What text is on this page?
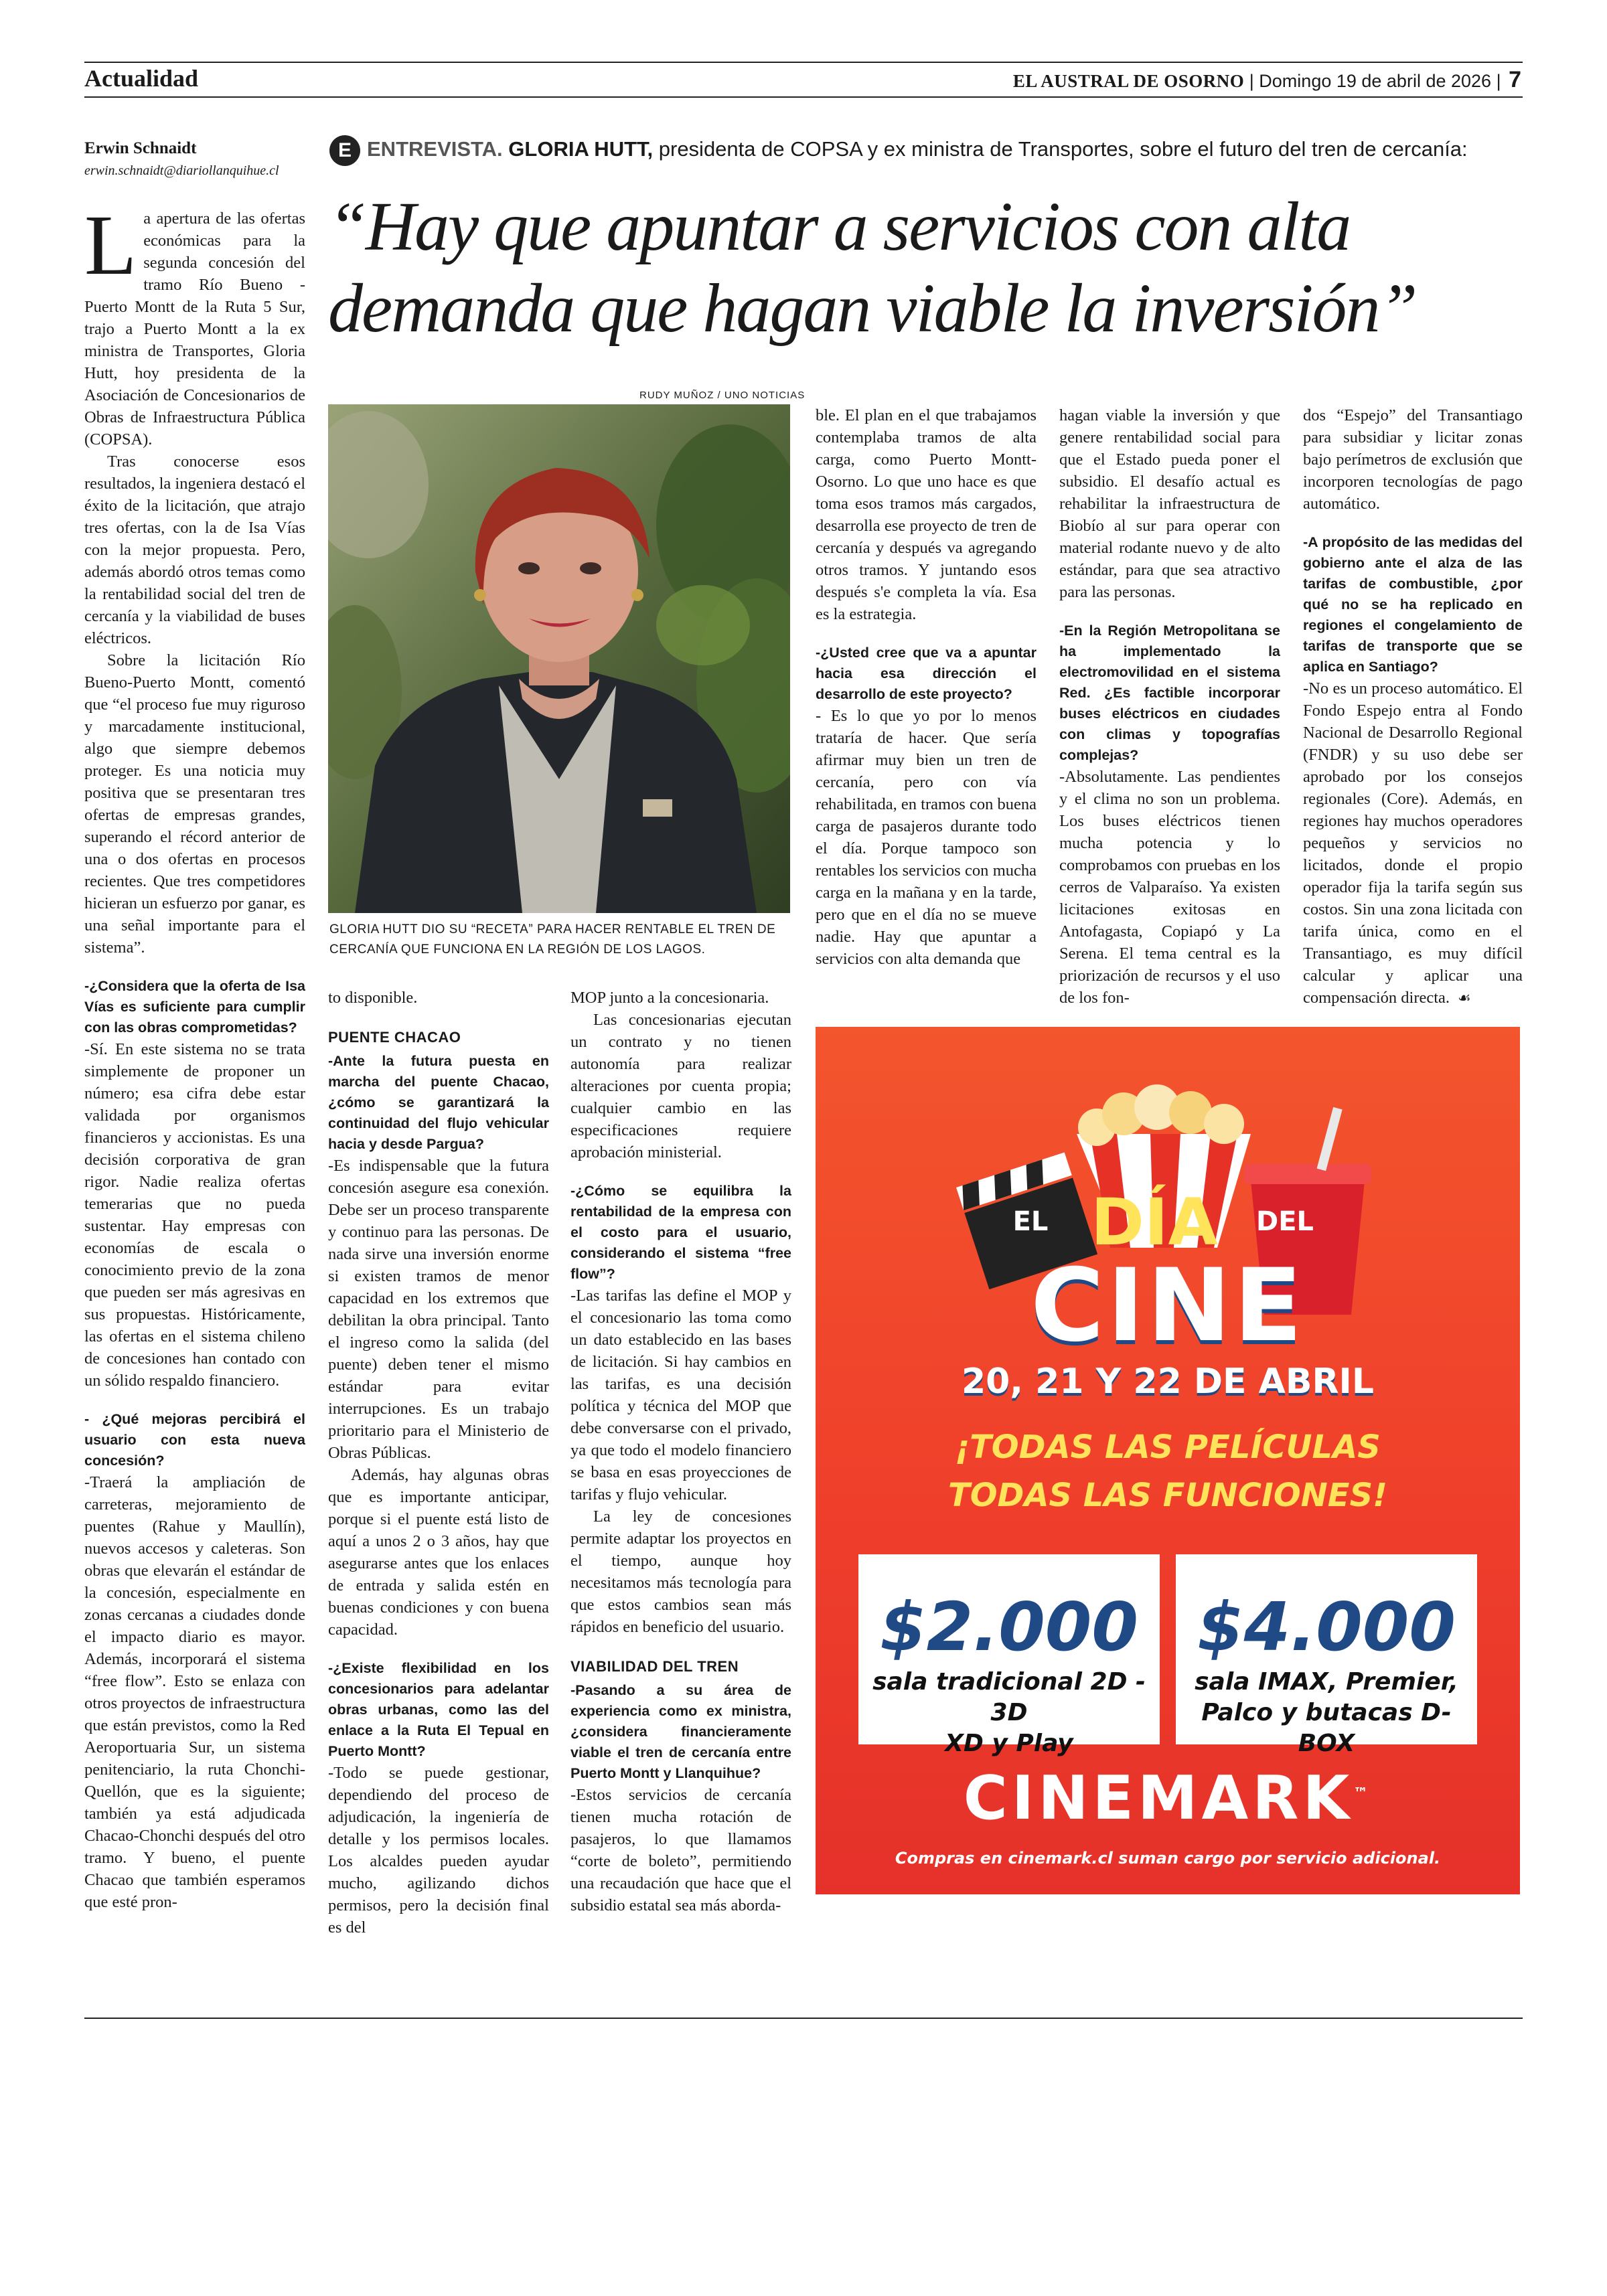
Actualidad	EL AUSTRAL DE OSORNO | Domingo 19 de abril de 2026 | 7
Erwin Schnaidt
erwin.schnaidt@diariollanquihue.cl
E ENTREVISTA. GLORIA HUTT, presidenta de COPSA y ex ministra de Transportes, sobre el futuro del tren de cercanía:
“Hay que apuntar a servicios con alta demanda que hagan viable la inversión”
RUDY MUÑOZ / UNO NOTICIAS
GLORIA HUTT DIO SU “RECETA” PARA HACER RENTABLE EL TREN DE CERCANÍA QUE FUNCIONA EN LA REGIÓN DE LOS LAGOS.

La apertura de las ofertas económicas para la segunda concesión del tramo Río Bueno - Puerto Montt de la Ruta 5 Sur, trajo a Puerto Montt a la ex ministra de Transportes, Gloria Hutt, hoy presidenta de la Asociación de Concesionarios de Obras de Infraestructura Pública (COPSA).

Tras conocerse esos resultados, la ingeniera destacó el éxito de la licitación, que atrajo tres ofertas, con la de Isa Vías con la mejor propuesta. Pero, además abordó otros temas como la rentabilidad social del tren de cercanía y la viabilidad de buses eléctricos.

Sobre la licitación Río Bueno-Puerto Montt, comentó que “el proceso fue muy riguroso y marcadamente institucional, algo que siempre debemos proteger. Es una noticia muy positiva que se presentaran tres ofertas de empresas grandes, superando el récord anterior de una o dos ofertas en procesos recientes. Que tres competidores hicieran un esfuerzo por ganar, es una señal importante para el sistema”.

-¿Considera que la oferta de Isa Vías es suficiente para cumplir con las obras comprometidas?

-Sí. En este sistema no se trata simplemente de proponer un número; esa cifra debe estar validada por organismos financieros y accionistas. Es una decisión corporativa de gran rigor. Nadie realiza ofertas temerarias que no pueda sustentar. Hay empresas con economías de escala o conocimiento previo de la zona que pueden ser más agresivas en sus propuestas. Históricamente, las ofertas en el sistema chileno de concesiones han contado con un sólido respaldo financiero.

- ¿Qué mejoras percibirá el usuario con esta nueva concesión?

-Traerá la ampliación de carreteras, mejoramiento de puentes (Rahue y Maullín), nuevos accesos y caleteras. Son obras que elevarán el estándar de la concesión, especialmente en zonas cercanas a ciudades donde el impacto diario es mayor. Además, incorporará el sistema “free flow”. Esto se enlaza con otros proyectos de infraestructura que están previstos, como la Red Aeroportuaria Sur, un sistema penitenciario, la ruta Chonchi-Quellón, que es la siguiente; también ya está adjudicada Chacao-Chonchi después del otro tramo. Y bueno, el puente Chacao que también esperamos que esté pron-

to disponible.

PUENTE CHACAO

-Ante la futura puesta en marcha del puente Chacao, ¿cómo se garantizará la continuidad del flujo vehicular hacia y desde Pargua?

-Es indispensable que la futura concesión asegure esa conexión. Debe ser un proceso transparente y continuo para las personas. De nada sirve una inversión enorme si existen tramos de menor capacidad en los extremos que debilitan la obra principal. Tanto el ingreso como la salida (del puente) deben tener el mismo estándar para evitar interrupciones. Es un trabajo prioritario para el Ministerio de Obras Públicas.

Además, hay algunas obras que es importante anticipar, porque si el puente está listo de aquí a unos 2 o 3 años, hay que asegurarse antes que los enlaces de entrada y salida estén en buenas condiciones y con buena capacidad.

-¿Existe flexibilidad en los concesionarios para adelantar obras urbanas, como las del enlace a la Ruta El Tepual en Puerto Montt?

-Todo se puede gestionar, dependiendo del proceso de adjudicación, la ingeniería de detalle y los permisos locales. Los alcaldes pueden ayudar mucho, agilizando dichos permisos, pero la decisión final es del

MOP junto a la concesionaria.

Las concesionarias ejecutan un contrato y no tienen autonomía para realizar alteraciones por cuenta propia; cualquier cambio en las especificaciones requiere aprobación ministerial.

-¿Cómo se equilibra la rentabilidad de la empresa con el costo para el usuario, considerando el sistema “free flow”?

-Las tarifas las define el MOP y el concesionario las toma como un dato establecido en las bases de licitación. Si hay cambios en las tarifas, es una decisión política y técnica del MOP que debe conversarse con el privado, ya que todo el modelo financiero se basa en esas proyecciones de tarifas y flujo vehicular.

La ley de concesiones permite adaptar los proyectos en el tiempo, aunque hoy necesitamos más tecnología para que estos cambios sean más rápidos en beneficio del usuario.

VIABILIDAD DEL TREN

-Pasando a su área de experiencia como ex ministra, ¿considera financieramente viable el tren de cercanía entre Puerto Montt y Llanquihue?

-Estos servicios de cercanía tienen mucha rotación de pasajeros, lo que llamamos “corte de boleto”, permitiendo una recaudación que hace que el subsidio estatal sea más aborda-

ble. El plan en el que trabajamos contemplaba tramos de alta carga, como Puerto Montt-Osorno. Lo que uno hace es que toma esos tramos más cargados, desarrolla ese proyecto de tren de cercanía y después va agregando otros tramos. Y juntando esos después s'e completa la vía. Esa es la estrategia.

-¿Usted cree que va a apuntar hacia esa dirección el desarrollo de este proyecto?

- Es lo que yo por lo menos trataría de hacer. Que sería afirmar muy bien un tren de cercanía, pero con vía rehabilitada, en tramos con buena carga de pasajeros durante todo el día. Porque tampoco son rentables los servicios con mucha carga en la mañana y en la tarde, pero que en el día no se mueve nadie. Hay que apuntar a servicios con alta demanda que

hagan viable la inversión y que genere rentabilidad social para que el Estado pueda poner el subsidio. El desafío actual es rehabilitar la infraestructura de Biobío al sur para operar con material rodante nuevo y de alto estándar, para que sea atractivo para las personas.

-En la Región Metropolitana se ha implementado la electromovilidad en el sistema Red. ¿Es factible incorporar buses eléctricos en ciudades con climas y topografías complejas?

-Absolutamente. Las pendientes y el clima no son un problema. Los buses eléctricos tienen mucha potencia y lo comprobamos con pruebas en los cerros de Valparaíso. Ya existen licitaciones exitosas en Antofagasta, Copiapó y La Serena. El tema central es la priorización de recursos y el uso de los fon-

dos “Espejo” del Transantiago para subsidiar y licitar zonas bajo perímetros de exclusión que incorporen tecnologías de pago automático.

-A propósito de las medidas del gobierno ante el alza de las tarifas de combustible, ¿por qué no se ha replicado en regiones el congelamiento de tarifas de transporte que se aplica en Santiago?

-No es un proceso automático. El Fondo Espejo entra al Fondo Nacional de Desarrollo Regional (FNDR) y su uso debe ser aprobado por los consejos regionales (Core). Además, en regiones hay muchos operadores pequeños y servicios no licitados, donde el propio operador fija la tarifa según sus costos. Sin una zona licitada con tarifa única, como en el Transantiago, es muy difícil calcular y aplicar una compensación directa. ☙

EL DÍA	DEL
CINE
20, 21 Y 22 DE ABRIL
¡TODAS LAS PELÍCULAS
TODAS LAS FUNCIONES!
$2.000
sala tradicional 2D - 3D
XD y Play
$4.000
sala IMAX, Premier,
Palco y butacas D-BOX
CINEMARK™
Compras en cinemark.cl suman cargo por servicio adicional.
